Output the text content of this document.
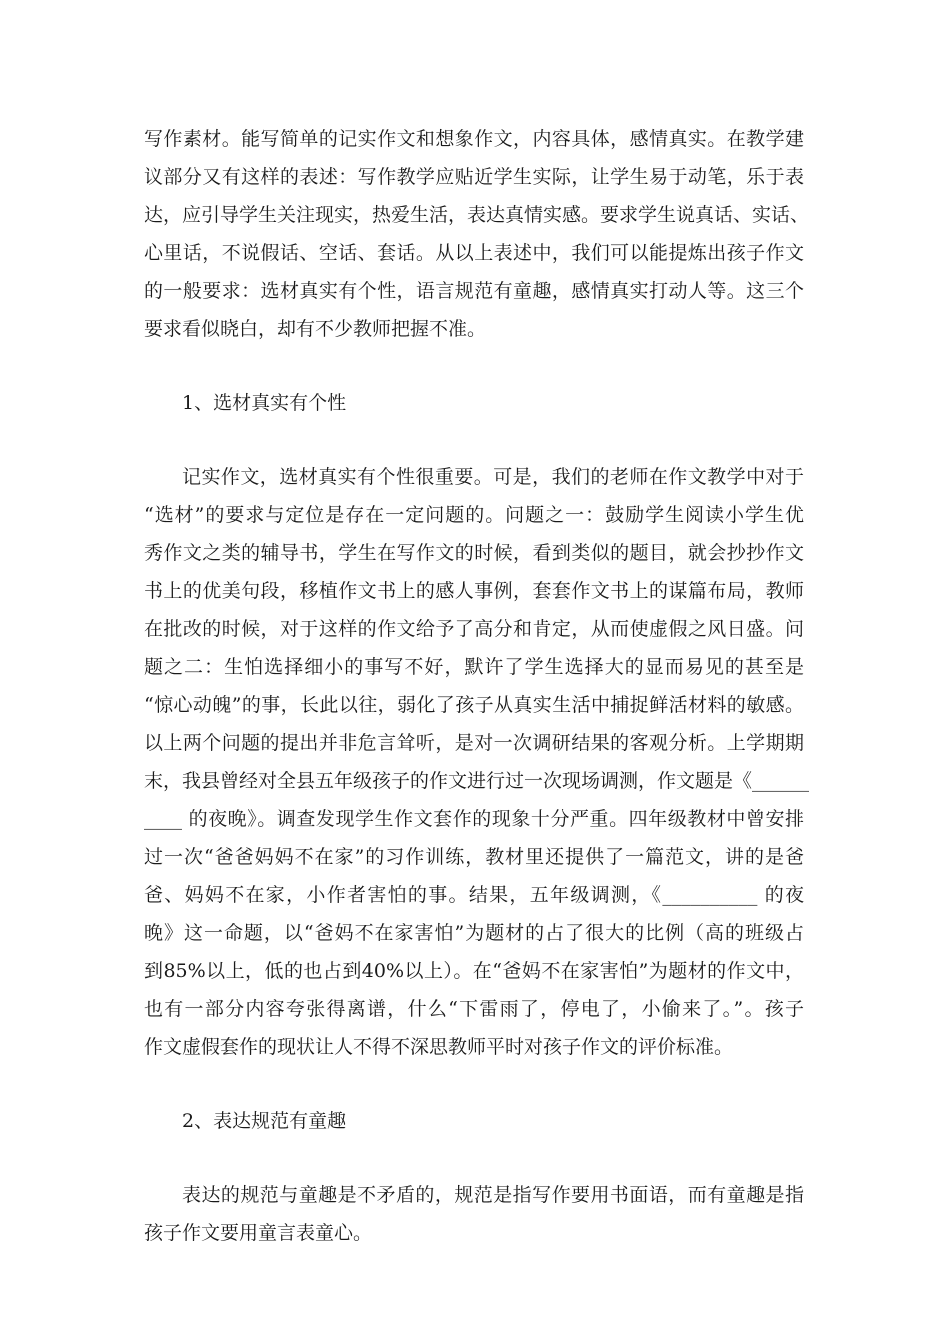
写作素材。能写简单的记实作文和想象作文，内容具体，感情真实。在教学建
议部分又有这样的表述：写作教学应贴近学生实际，让学生易于动笔，乐于表
达，应引导学生关注现实，热爱生活，表达真情实感。要求学生说真话、实话、
心里话，不说假话、空话、套话。从以上表述中，我们可以能提炼出孩子作文
的一般要求：选材真实有个性，语言规范有童趣，感情真实打动人等。这三个
要求看似晓白，却有不少教师把握不准。
1、选材真实有个性
记实作文，选材真实有个性很重要。可是，我们的老师在作文教学中对于
“选材”的要求与定位是存在一定问题的。问题之一：鼓励学生阅读小学生优
秀作文之类的辅导书，学生在写作文的时候，看到类似的题目，就会抄抄作文
书上的优美句段，移植作文书上的感人事例，套套作文书上的谋篇布局，教师
在批改的时候，对于这样的作文给予了高分和肯定，从而使虚假之风日盛。问
题之二：生怕选择细小的事写不好，默许了学生选择大的显而易见的甚至是
“惊心动魄”的事，长此以往，弱化了孩子从真实生活中捕捉鲜活材料的敏感。
以上两个问题的提出并非危言耸听，是对一次调研结果的客观分析。上学期期
末，我县曾经对全县五年级孩子的作文进行过一次现场调测，作文题是《______
____ 的夜晚》。调查发现学生作文套作的现象十分严重。四年级教材中曾安排
过一次“爸爸妈妈不在家”的习作训练，教材里还提供了一篇范文，讲的是爸
爸、妈妈不在家，小作者害怕的事。结果，五年级调测，《__________ 的夜
晚》这一命题，以“爸妈不在家害怕”为题材的占了很大的比例（高的班级占
到85%以上，低的也占到40%以上）。在“爸妈不在家害怕”为题材的作文中，
也有一部分内容夸张得离谱，什么“下雷雨了，停电了，小偷来了。”。孩子
作文虚假套作的现状让人不得不深思教师平时对孩子作文的评价标准。
2、表达规范有童趣
表达的规范与童趣是不矛盾的，规范是指写作要用书面语，而有童趣是指
孩子作文要用童言表童心。
